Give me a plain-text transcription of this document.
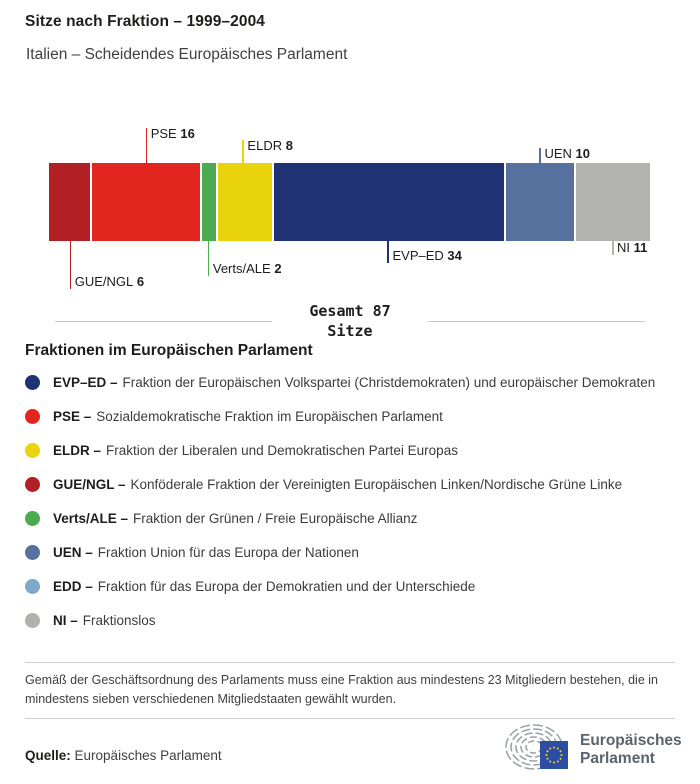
Sitze nach Fraktion – 1999–2004
Italien – Scheidendes Europäisches Parlament
GUE/NGL 6
PSE 16
Verts/ALE 2
ELDR 8
EVP–ED 34
UEN 10
NI 11
Gesamt 87
Sitze
Fraktionen im Europäischen Parlament
EVP–ED – Fraktion der Europäischen Volkspartei (Christdemokraten) und europäischer Demokraten
PSE – Sozialdemokratische Fraktion im Europäischen Parlament
ELDR – Fraktion der Liberalen und Demokratischen Partei Europas
GUE/NGL – Konföderale Fraktion der Vereinigten Europäischen Linken/Nordische Grüne Linke
Verts/ALE – Fraktion der Grünen / Freie Europäische Allianz
UEN – Fraktion Union für das Europa der Nationen
EDD – Fraktion für das Europa der Demokratien und der Unterschiede
NI – Fraktionslos
Gemäß der Geschäftsordnung des Parlaments muss eine Fraktion aus mindestens 23 Mitgliedern bestehen, die in mindestens sieben verschiedenen Mitgliedstaaten gewählt wurden.
Quelle: Europäisches Parlament
Europäisches
Parlament
